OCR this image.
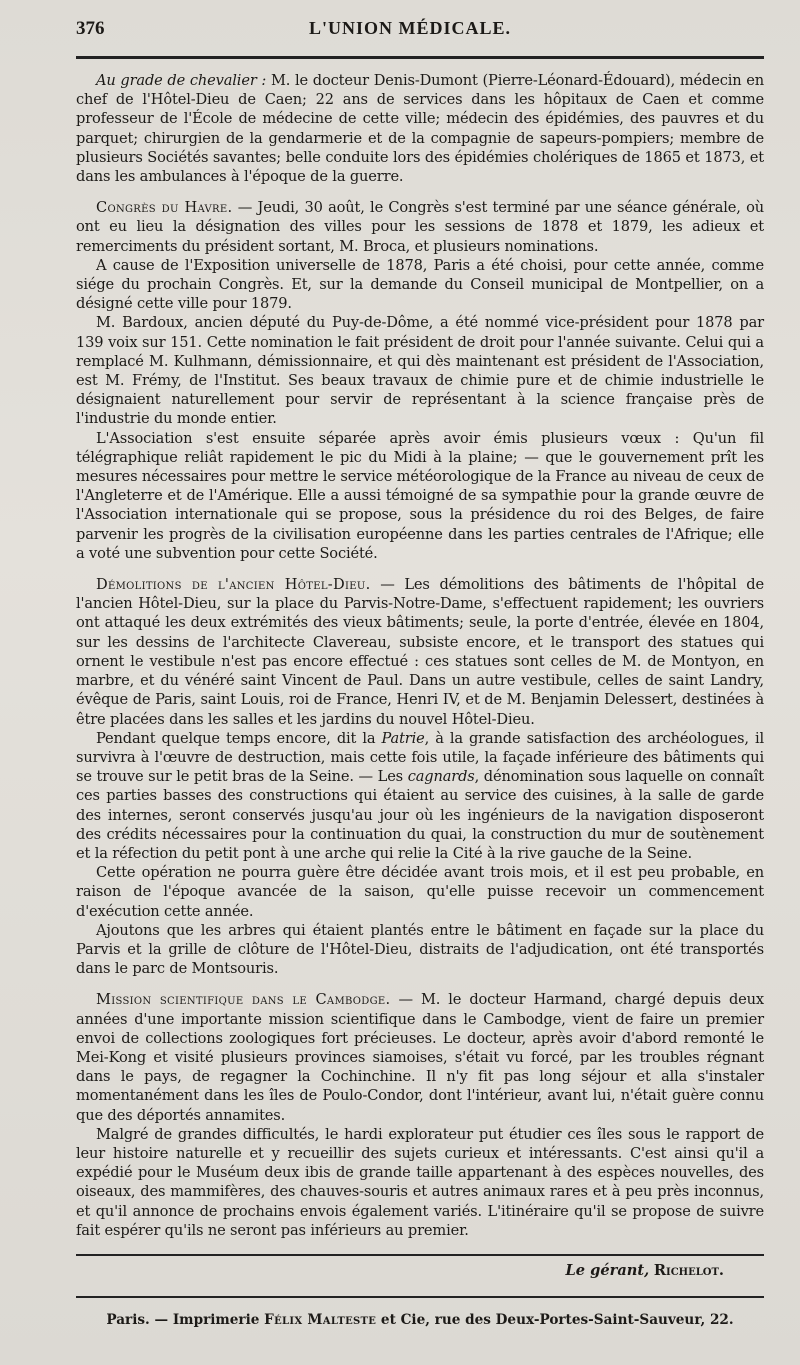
376	L'UNION MÉDICALE.

Au grade de chevalier : M. le docteur Denis-Dumont (Pierre-Léonard-Édouard), médecin en chef de l'Hôtel-Dieu de Caen; 22 ans de services dans les hôpitaux de Caen et comme professeur de l'École de médecine de cette ville; médecin des épidémies, des pauvres et du parquet; chirurgien de la gendarmerie et de la compagnie de sapeurs-pompiers; membre de plusieurs Sociétés savantes; belle conduite lors des épidémies cholériques de 1865 et 1873, et dans les ambulances à l'époque de la guerre.

Congrès du Havre. — Jeudi, 30 août, le Congrès s'est terminé par une séance générale, où ont eu lieu la désignation des villes pour les sessions de 1878 et 1879, les adieux et remerciments du président sortant, M. Broca, et plusieurs nominations.

A cause de l'Exposition universelle de 1878, Paris a été choisi, pour cette année, comme siége du prochain Congrès. Et, sur la demande du Conseil municipal de Montpellier, on a désigné cette ville pour 1879.

M. Bardoux, ancien député du Puy-de-Dôme, a été nommé vice-président pour 1878 par 139 voix sur 151. Cette nomination le fait président de droit pour l'année suivante. Celui qui a remplacé M. Kulhmann, démissionnaire, et qui dès maintenant est président de l'Association, est M. Frémy, de l'Institut. Ses beaux travaux de chimie pure et de chimie industrielle le désignaient naturellement pour servir de représentant à la science française près de l'industrie du monde entier.

L'Association s'est ensuite séparée après avoir émis plusieurs vœux : Qu'un fil télégraphique reliât rapidement le pic du Midi à la plaine; — que le gouvernement prît les mesures nécessaires pour mettre le service météorologique de la France au niveau de ceux de l'Angleterre et de l'Amérique. Elle a aussi témoigné de sa sympathie pour la grande œuvre de l'Association internationale qui se propose, sous la présidence du roi des Belges, de faire parvenir les progrès de la civilisation européenne dans les parties centrales de l'Afrique; elle a voté une subvention pour cette Société.

Démolitions de l'ancien Hôtel-Dieu. — Les démolitions des bâtiments de l'hôpital de l'ancien Hôtel-Dieu, sur la place du Parvis-Notre-Dame, s'effectuent rapidement; les ouvriers ont attaqué les deux extrémités des vieux bâtiments; seule, la porte d'entrée, élevée en 1804, sur les dessins de l'architecte Clavereau, subsiste encore, et le transport des statues qui ornent le vestibule n'est pas encore effectué : ces statues sont celles de M. de Montyon, en marbre, et du vénéré saint Vincent de Paul. Dans un autre vestibule, celles de saint Landry, évêque de Paris, saint Louis, roi de France, Henri IV, et de M. Benjamin Delessert, destinées à être placées dans les salles et les jardins du nouvel Hôtel-Dieu.

Pendant quelque temps encore, dit la Patrie, à la grande satisfaction des archéologues, il survivra à l'œuvre de destruction, mais cette fois utile, la façade inférieure des bâtiments qui se trouve sur le petit bras de la Seine. — Les cagnards, dénomination sous laquelle on connaît ces parties basses des constructions qui étaient au service des cuisines, à la salle de garde des internes, seront conservés jusqu'au jour où les ingénieurs de la navigation disposeront des crédits nécessaires pour la continuation du quai, la construction du mur de soutènement et la réfection du petit pont à une arche qui relie la Cité à la rive gauche de la Seine.

Cette opération ne pourra guère être décidée avant trois mois, et il est peu probable, en raison de l'époque avancée de la saison, qu'elle puisse recevoir un commencement d'exécution cette année.

Ajoutons que les arbres qui étaient plantés entre le bâtiment en façade sur la place du Parvis et la grille de clôture de l'Hôtel-Dieu, distraits de l'adjudication, ont été transportés dans le parc de Montsouris.

Mission scientifique dans le Cambodge. — M. le docteur Harmand, chargé depuis deux années d'une importante mission scientifique dans le Cambodge, vient de faire un premier envoi de collections zoologiques fort précieuses. Le docteur, après avoir d'abord remonté le Mei-Kong et visité plusieurs provinces siamoises, s'était vu forcé, par les troubles régnant dans le pays, de regagner la Cochinchine. Il n'y fit pas long séjour et alla s'instaler momentanément dans les îles de Poulo-Condor, dont l'intérieur, avant lui, n'était guère connu que des déportés annamites.

Malgré de grandes difficultés, le hardi explorateur put étudier ces îles sous le rapport de leur histoire naturelle et y recueillir des sujets curieux et intéressants. C'est ainsi qu'il a expédié pour le Muséum deux ibis de grande taille appartenant à des espèces nouvelles, des oiseaux, des mammifères, des chauves-souris et autres animaux rares et à peu près inconnus, et qu'il annonce de prochains envois également variés. L'itinéraire qu'il se propose de suivre fait espérer qu'ils ne seront pas inférieurs au premier.

Le gérant, Richelot.
Paris. — Imprimerie Félix Malteste et Cie, rue des Deux-Portes-Saint-Sauveur, 22.
